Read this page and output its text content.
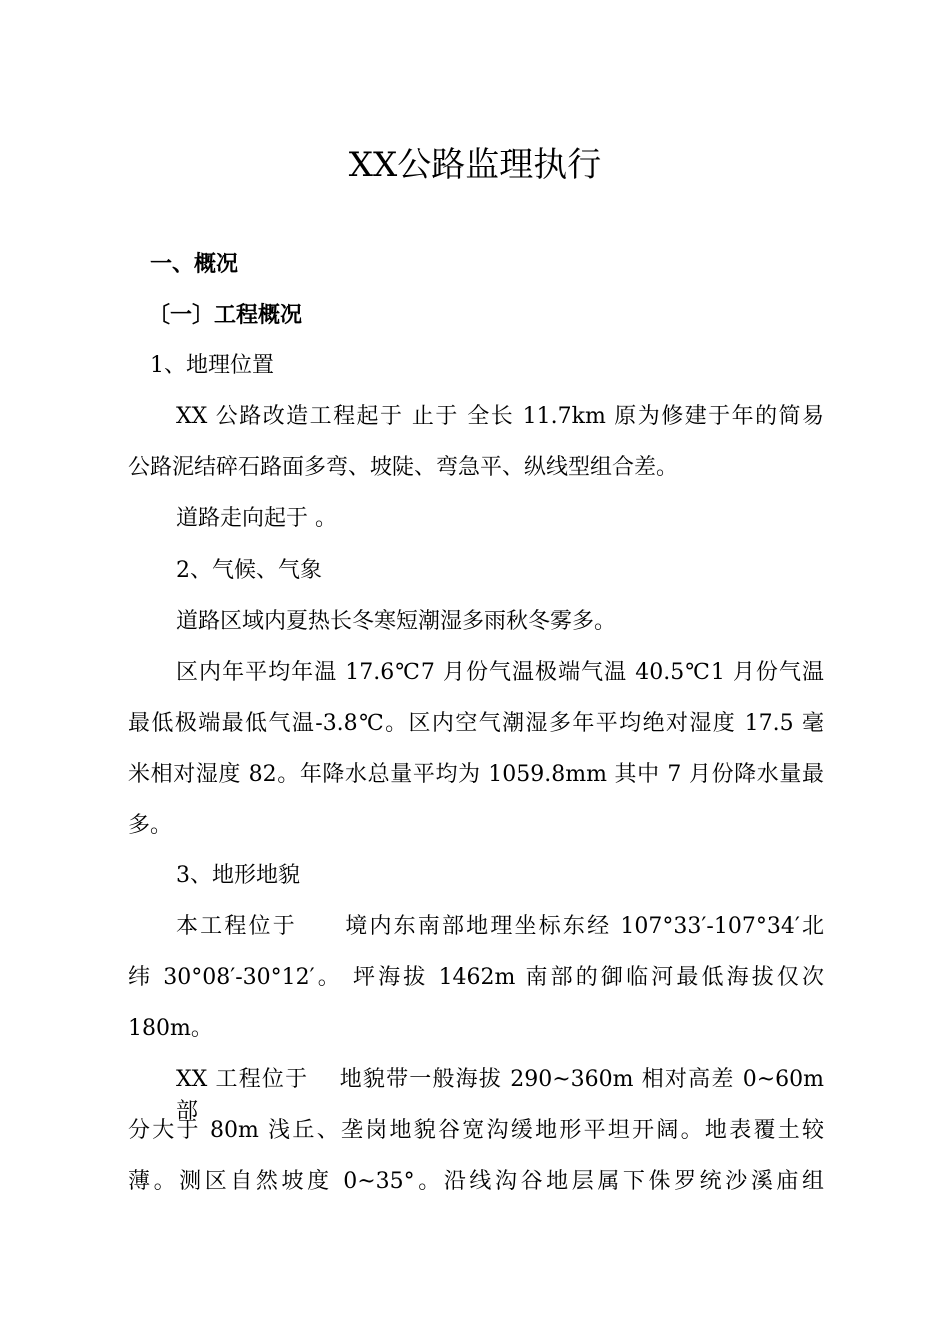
XX公路监理执行
一、概况
〔一〕工程概况
1、地理位置
XX 公路改造工程起于 止于 全长 11.7km 原为修建于年的简易
公路泥结碎石路面多弯、坡陡、弯急平、纵线型组合差。
道路走向起于 。
2、气候、气象
道路区域内夏热长冬寒短潮湿多雨秋冬雾多。
区内年平均年温 17.6℃7 月份气温极端气温 40.5℃1 月份气温
最低极端最低气温-3.8℃。区内空气潮湿多年平均绝对湿度 17.5 毫
米相对湿度 82。年降水总量平均为 1059.8mm 其中 7 月份降水量最
多。
3、地形地貌
本工程位于　　境内东南部地理坐标东经 107°33′-107°34′北
纬 30°08′-30°12′。 坪海拔 1462m 南部的御临河最低海拔仅次
180m。
XX 工程位于　 地貌带一般海拔 290~360m 相对高差 0~60m 部
分大于 80m 浅丘、垄岗地貌谷宽沟缓地形平坦开阔。地表覆土较
薄。测区自然坡度 0~35°。沿线沟谷地层属下侏罗统沙溪庙组
